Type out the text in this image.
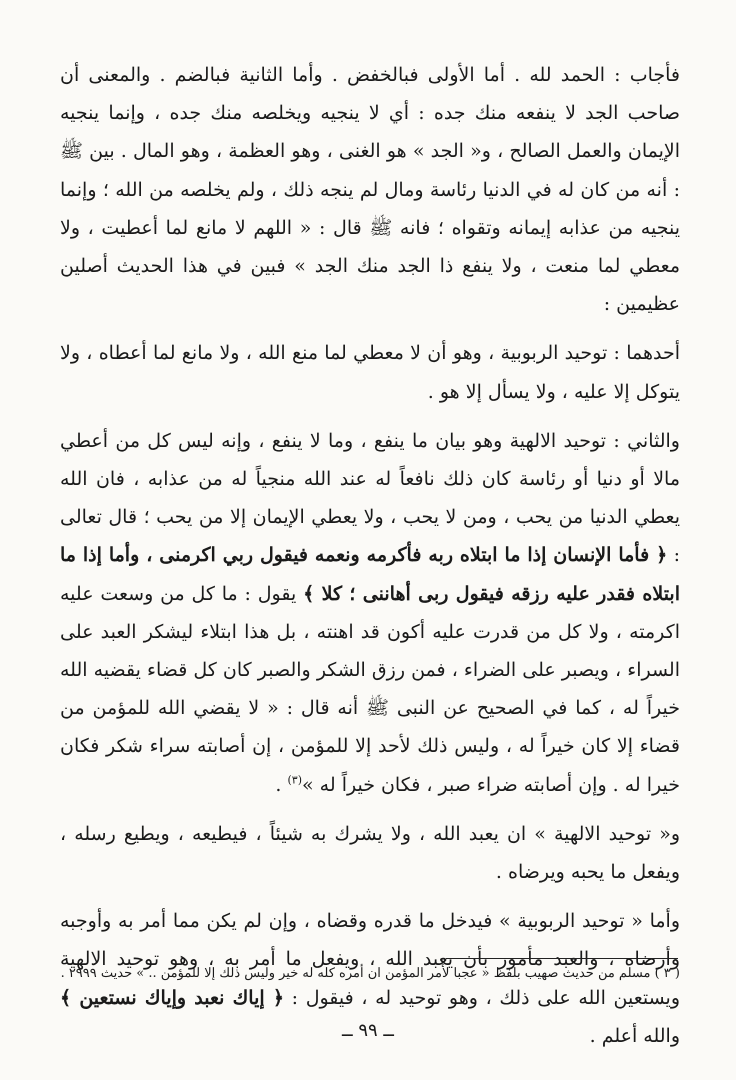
فأجاب : الحمد لله . أما الأولى فبالخفض . وأما الثانية فبالضم . والمعنى أن صاحب الجد لا ينفعه منك جده : أي لا ينجيه ويخلصه منك جده ، وإنما ينجيه الإيمان والعمل الصالح ، و« الجد » هو الغنى ، وهو العظمة ، وهو المال . بين ﷺ : أنه من كان له في الدنيا رئاسة ومال لم ينجه ذلك ، ولم يخلصه من الله ؛ وإنما ينجيه من عذابه إيمانه وتقواه ؛ فانه ﷺ قال : « اللهم لا مانع لما أعطيت ، ولا معطي لما منعت ، ولا ينفع ذا الجد منك الجد » فبين في هذا الحديث أصلين عظيمين :

أحدهما : توحيد الربوبية ، وهو أن لا معطي لما منع الله ، ولا مانع لما أعطاه ، ولا يتوكل إلا عليه ، ولا يسأل إلا هو .

والثاني : توحيد الالهية وهو بيان ما ينفع ، وما لا ينفع ، وإنه ليس كل من أعطي مالا أو دنيا أو رئاسة كان ذلك نافعاً له عند الله منجياً له من عذابه ، فان الله يعطي الدنيا من يحب ، ومن لا يحب ، ولا يعطي الإيمان إلا من يحب ؛ قال تعالى : ﴿ فأما الإنسان إذا ما ابتلاه ربه فأكرمه ونعمه فيقول ربي اكرمنى ، وأما إذا ما ابتلاه فقدر عليه رزقه فيقول ربى أهاننى ؛ كلا ﴾ يقول : ما كل من وسعت عليه اكرمته ، ولا كل من قدرت عليه أكون قد اهنته ، بل هذا ابتلاء ليشكر العبد على السراء ، ويصبر على الضراء ، فمن رزق الشكر والصبر كان كل قضاء يقضيه الله خيراً له ، كما في الصحيح عن النبى ﷺ أنه قال : « لا يقضي الله للمؤمن من قضاء إلا كان خيراً له ، وليس ذلك لأحد إلا للمؤمن ، إن أصابته سراء شكر فكان خيرا له . وإن أصابته ضراء صبر ، فكان خيراً له »$^{(٣)}$ .

و« توحيد الالهية » ان يعبد الله ، ولا يشرك به شيئاً ، فيطيعه ، ويطيع رسله ، ويفعل ما يحبه ويرضاه .

وأما « توحيد الربوبية » فيدخل ما قدره وقضاه ، وإن لم يكن مما أمر به وأوجبه وأرضاه ، والعبد مأمور بأن يعبد الله ، ويفعل ما أمر به ، وهو توحيد الالهية ويستعين الله على ذلك ، وهو توحيد له ، فيقول : ﴿ إياك نعبد وإياك نستعين ﴾ والله أعلم .

( ٣ ) مسلم من حديث صهيب بلفظ « عجبا لأمر المؤمن ان أمره كله له خير وليس ذلك إلا للمؤمن .. » حديث ٢٩٩٩ .
ــ ٩٩ ــ
